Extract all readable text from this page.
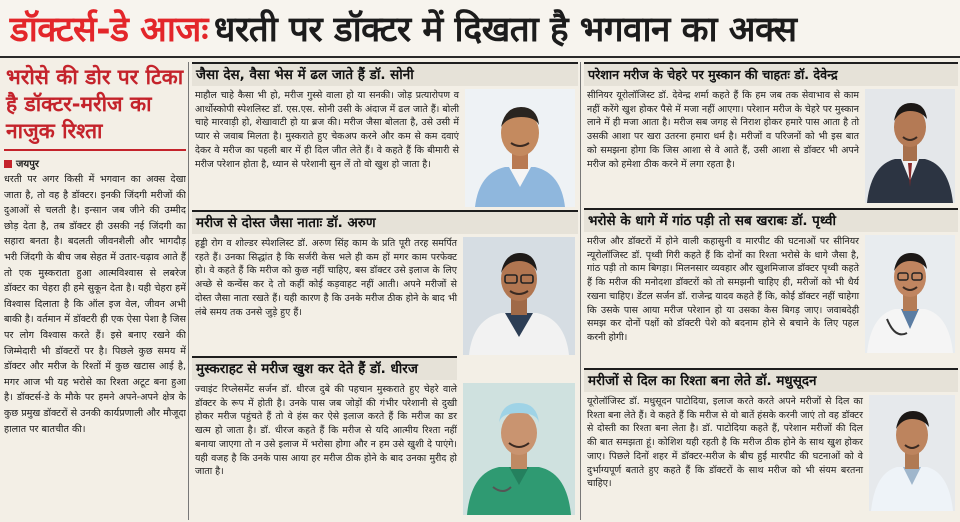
डॉक्टर्स-डे आजः धरती पर डॉक्टर में दिखता है भगवान का अक्स
भरोसे की डोर पर टिका है डॉक्टर-मरीज का नाजुक रिश्ता
जयपुर
धरती पर अगर किसी में भगवान का अक्स देखा जाता है, तो वह है डॉक्टर। इनकी जिंदगी मरीजों की दुआओं से चलती है। इन्सान जब जीने की उम्मीद छोड़ देता है, तब डॉक्टर ही उसकी नई जिंदगी का सहारा बनता है। बदलती जीवनशैली और भागदौड़ भरी जिंदगी के बीच जब सेहत में उतार-चढ़ाव आते हैं तो एक मुस्कराता हुआ आत्मविश्वास से लबरेज डॉक्टर का चेहरा ही हमे सुकून देता है। यही चेहरा हमें विश्वास दिलाता है कि ऑल इज वेल, जीवन अभी बाकी है। वर्तमान में डॉक्टरी ही एक ऐसा पेशा है जिस पर लोग विश्वास करते हैं। इसे बनाए रखने की जिम्मेदारी भी डॉक्टरों पर है। पिछले कुछ समय में डॉक्टर और मरीज के रिश्तों में कुछ खटास आई है, मगर आज भी यह भरोसे का रिश्ता अटूट बना हुआ है। डॉक्टर्स-डे के मौके पर हमने अपने-अपने क्षेत्र के कुछ प्रमुख डॉक्टरों से उनकी कार्यप्रणाली और मौजूदा हालात पर बातचीत की।
जैसा देस, वैसा भेस में ढल जाते हैं डॉ. सोनी
माहौल चाहे कैसा भी हो, मरीज गुस्से वाला हो या सनकी। जोड़ प्रत्यारोपण व आर्थोस्कोपी स्पेशलिस्ट डॉ. एस.एस. सोनी उसी के अंदाज में ढल जाते हैं। बोली चाहे मारवाड़ी हो, शेखावाटी हो या ब्रज की। मरीज जैसा बोलता है, उसे उसी में प्यार से जवाब मिलता है। मुस्कराते हुए चेकअप करने और कम से कम दवाएं देकर वे मरीज का पहली बार में ही दिल जीत लेते हैं। वे कहते हैं कि बीमारी से मरीज परेशान होता है, ध्यान से परेशानी सुन लें तो वो खुश हो जाता है।
मरीज से दोस्त जैसा नाताः डॉ. अरुण
हड्डी रोग व शोल्डर स्पेशलिस्ट डॉ. अरुण सिंह काम के प्रति पूरी तरह समर्पित रहते हैं। उनका सिद्धांत है कि सर्जरी केस भले ही कम हों मगर काम परफेक्ट हो। वे कहते हैं कि मरीज को कुछ नहीं चाहिए, बस डॉक्टर उसे इलाज के लिए अच्छे से कन्वेंस कर दे तो कहीं कोई कड़वाहट नहीं आती। अपने मरीजों से दोस्त जैसा नाता रखते हैं। यही कारण है कि उनके मरीज ठीक होने के बाद भी लंबे समय तक उनसे जुड़े हुए हैं।
मुस्कराहट से मरीज खुश कर देते हैं डॉ. धीरज
ज्वाइंट रिप्लेसमेंट सर्जन डॉ. धीरज दुबे की पहचान मुस्कराते हुए चेहरे वाले डॉक्टर के रूप में होती है। उनके पास जब जोड़ों की गंभीर परेशानी से दुखी होकर मरीज पहुंचते हैं तो वे हंस कर ऐसे इलाज करते हैं कि मरीज का डर खत्म हो जाता है। डॉ. धीरज कहते हैं कि मरीज से यदि आत्मीय रिश्ता नहीं बनाया जाएगा तो न उसे इलाज में भरोसा होगा और न हम उसे खुशी दे पाएंगे। यही वजह है कि उनके पास आया हर मरीज ठीक होने के बाद उनका मुरीद हो जाता है।
परेशान मरीज के चेहरे पर मुस्कान की चाहतः डॉ. देवेन्द्र
सीनियर यूरोलॉजिस्ट डॉ. देवेन्द्र शर्मा कहते हैं कि हम जब तक सेवाभाव से काम नहीं करेंगे खुश होकर पैसे में मजा नहीं आएगा। परेशान मरीज के चेहरे पर मुस्कान लाने में ही मजा आता है। मरीज सब जगह से निराश होकर हमारे पास आता है तो उसकी आशा पर खरा उतरना हमारा धर्म है। मरीजों व परिजनों को भी इस बात को समझना होगा कि जिस आशा से वे आते हैं, उसी आशा से डॉक्टर भी अपने मरीज को हमेशा ठीक करने में लगा रहता है।
भरोसे के धागे में गांठ पड़ी तो सब खराबः डॉ. पृथ्वी
मरीज और डॉक्टरों में होने वाली कहासुनी व मारपीट की घटनाओं पर सीनियर न्यूरोलॉजिस्ट डॉ. पृथ्वी गिरी कहते हैं कि दोनों का रिश्ता भरोसे के धागे जैसा है, गांठ पड़ी तो काम बिगड़ा। मिलनसार व्यवहार और खुशमिजाज डॉक्टर पृथ्वी कहते हैं कि मरीज की मनोदशा डॉक्टरों को तो समझनी चाहिए ही, मरीजों को भी धैर्य रखना चाहिए। डेंटल सर्जन डॉ. राजेन्द्र यादव कहते हैं कि, कोई डॉक्टर नहीं चाहेगा कि उसके पास आया मरीज परेशान हो या उसका केस बिगड़ जाए। जवाबदेही समझ कर दोनों पक्षों को डॉक्टरी पेशे को बदनाम होने से बचाने के लिए पहल करनी होगी।
मरीजों से दिल का रिश्ता बना लेते डॉ. मधुसूदन
यूरोलॉजिस्ट डॉ. मधुसूदन पाटोदिया, इलाज करते करते अपने मरीजों से दिल का रिश्ता बना लेते हैं। वे कहते हैं कि मरीज से वो बातें हंसके करनी जाएं तो वह डॉक्टर से दोस्ती का रिश्ता बना लेता है। डॉ. पाटोदिया कहते हैं, परेशान मरीजों की दिल की बात समझता हूं। कोशिश यही रहती है कि मरीज ठीक होने के साथ खुश होकर जाए। पिछले दिनों शहर में डॉक्टर-मरीज के बीच हुई मारपीट की घटनाओं को वे दुर्भाग्यपूर्ण बताते हुए कहते हैं कि डॉक्टरों के साथ मरीज को भी संयम बरतना चाहिए।
